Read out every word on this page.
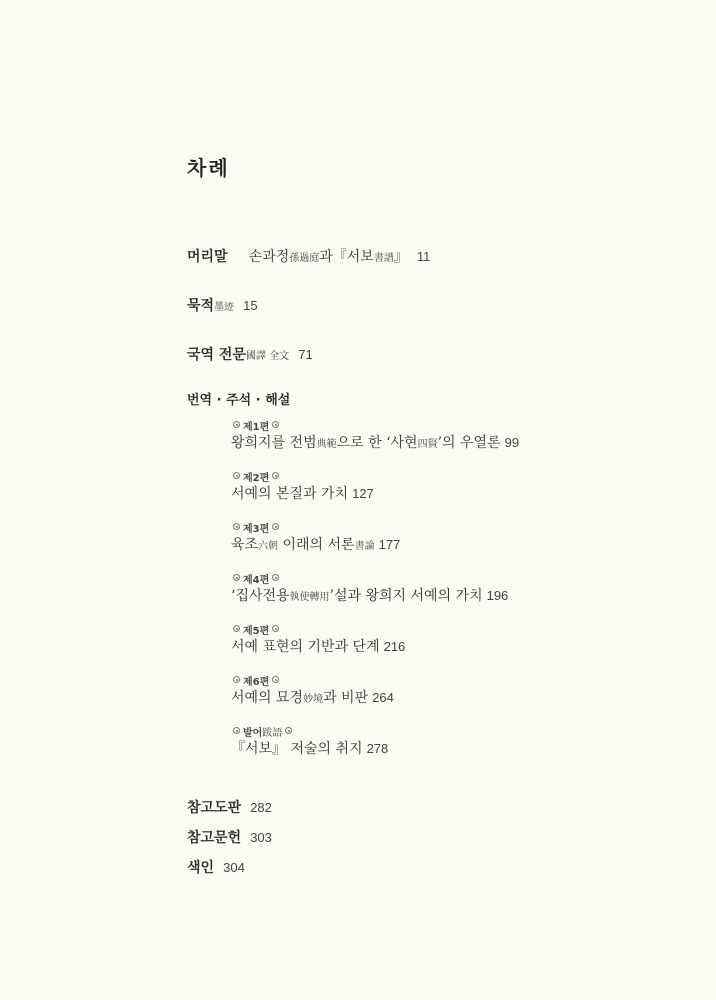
차례
머리말 손과정孫過庭과『서보書譜』 11
묵적墨迹 15
국역 전문國譯 全文 71
번역 · 주석 · 해설
제1편
왕희지를 전범典範으로 한 ‘사현四賢’의 우열론 99
제2편
서예의 본질과 가치 127
제3편
육조六朝 이래의 서론書論 177
제4편
‘집사전용執使轉用’설과 왕희지 서예의 가치 196
제5편
서예 표현의 기반과 단계 216
제6편
서예의 묘경妙境과 비판 264
발어跋語
『서보』 저술의 취지 278
참고도판 282
참고문헌 303
색인 304
